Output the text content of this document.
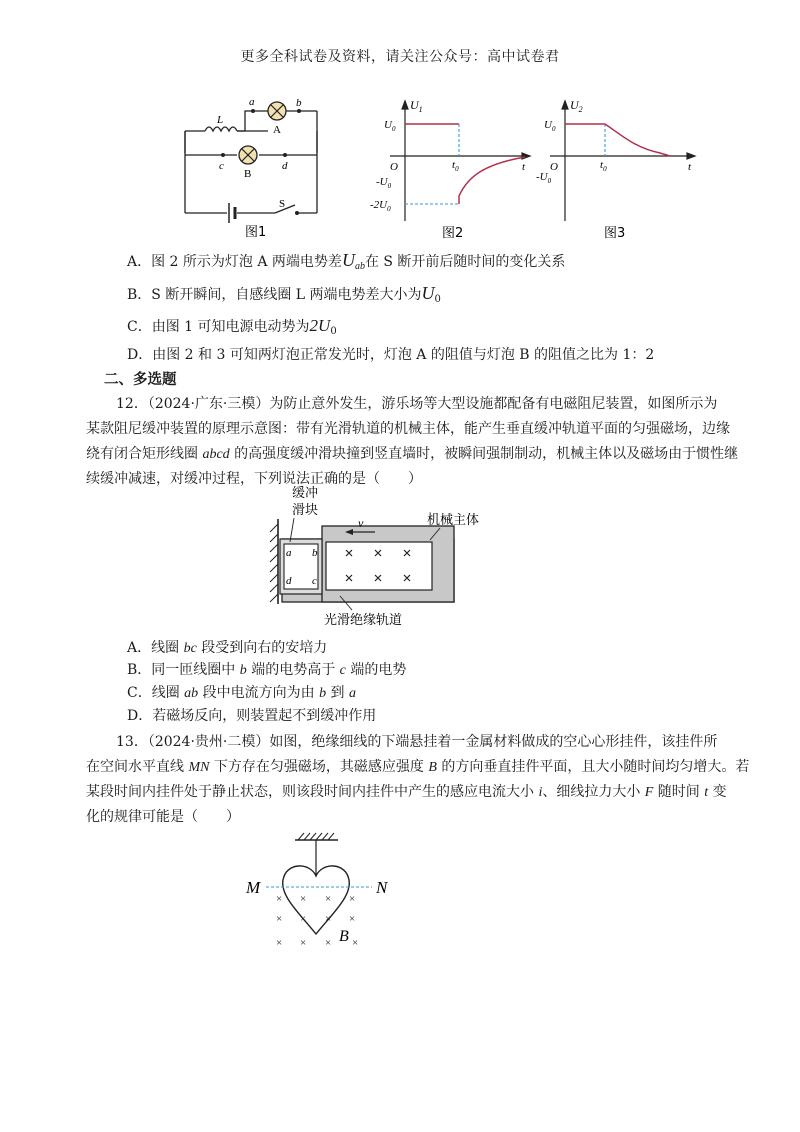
更多全科试卷及资料，请关注公众号：高中试卷君
a	b
L
A
c	d
B
S
图1
$U_1$
$U_0$
O	$t_0$	t
$-U_0$
$-2U_0$
图2
$U_2$
$U_0$
O	$t_0$	t
$-U_0$
图3
A．图 2 所示为灯泡 A 两端电势差$U_{ab}$在 S 断开前后随时间的变化关系
B．S 断开瞬间，自感线圈 L 两端电势差大小为$U_0$
C．由图 1 可知电源电动势为$2U_0$
D．由图 2 和 3 可知两灯泡正常发光时，灯泡 A 的阻值与灯泡 B 的阻值之比为 1：2
二、多选题
12．（2024·广东·三模）为防止意外发生，游乐场等大型设施都配备有电磁阻尼装置，如图所示为
某款阻尼缓冲装置的原理示意图：带有光滑轨道的机械主体，能产生垂直缓冲轨道平面的匀强磁场，边缘
绕有闭合矩形线圈 abcd 的高强度缓冲滑块撞到竖直墙时，被瞬间强制制动，机械主体以及磁场由于惯性继
续缓冲减速，对缓冲过程，下列说法正确的是（　　）
v
a b
c
d
缓冲
滑块
机械主体
光滑绝缘轨道
A．线圈 bc 段受到向右的安培力
B．同一匝线圈中 b 端的电势高于 c 端的电势
C．线圈 ab 段中电流方向为由 b 到 a
D．若磁场反向，则装置起不到缓冲作用
13．（2024·贵州·二模）如图，绝缘细线的下端悬挂着一金属材料做成的空心心形挂件，该挂件所
在空间水平直线 MN 下方存在匀强磁场，其磁感应强度 B 的方向垂直挂件平面，且大小随时间均匀增大。若
某段时间内挂件处于静止状态，则该段时间内挂件中产生的感应电流大小 i、细线拉力大小 F 随时间 t 变
化的规律可能是（　　）
M	N
× × × ×
× × × ×
× × × ×
B
